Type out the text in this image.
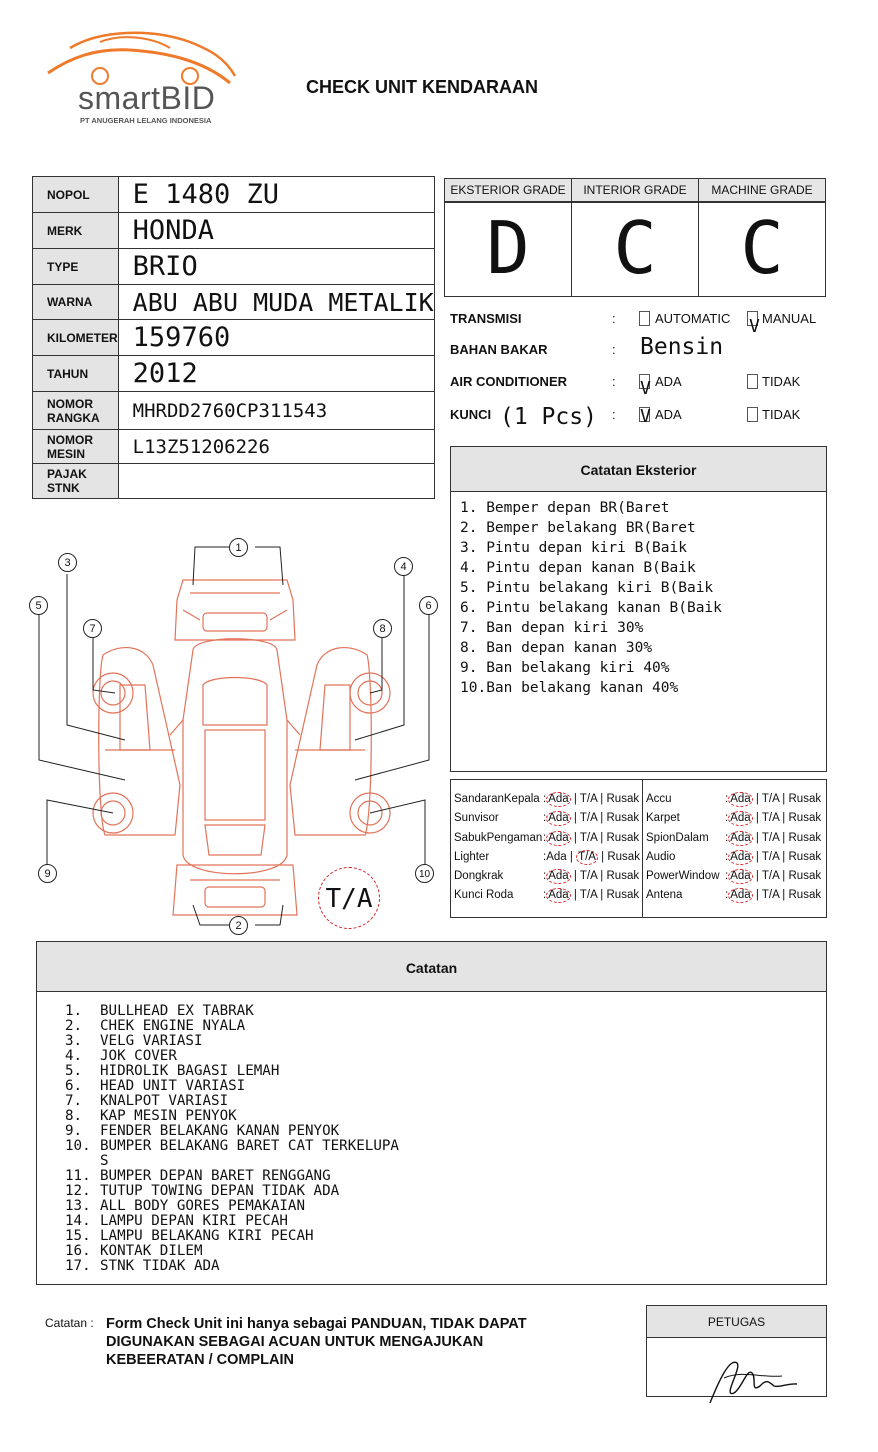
smartBID
PT ANUGERAH LELANG INDONESIA
CHECK UNIT KENDARAAN
NOPOL	E 1480 ZU
MERK	HONDA
TYPE	BRIO
WARNA	ABU ABU MUDA METALIK
KILOMETER	159760
TAHUN	2012
NOMOR RANGKA	MHRDD2760CP311543
NOMOR MESIN	L13Z51206226
PAJAK STNK	
EKSTERIOR GRADE	INTERIOR GRADE	MACHINE GRADE
D	C	C
TRANSMISI	:	AUTOMATIC V MANUAL
BAHAN BAKAR	: Bensin
AIR CONDITIONER	: V ADA	TIDAK
KUNCI (1 Pcs) : V ADA	TIDAK
Catatan Eksterior
1. Bemper depan BR(Baret
2. Bemper belakang BR(Baret
3. Pintu depan kiri B(Baik
4. Pintu depan kanan B(Baik
5. Pintu belakang kiri B(Baik
6. Pintu belakang kanan B(Baik
7. Ban depan kiri 30%
8. Ban depan kanan 30%
9. Ban belakang kiri 40%
10.Ban belakang kanan 40%
SandaranKepala : Ada | T/A | Rusak
Sunvisor	: Ada | T/A | Rusak
SabukPengaman : Ada | T/A | Rusak
Lighter	:Ada | T/A | Rusak
Dongkrak	: Ada | T/A | Rusak
Kunci Roda	: Ada | T/A | Rusak
Accu	: Ada | T/A | Rusak
Karpet	: Ada | T/A | Rusak
SpionDalam : Ada | T/A | Rusak
Audio	: Ada | T/A | Rusak
PowerWindow : Ada | T/A | Rusak
Antena	: Ada | T/A | Rusak
1
2
3	4
5	6
7	8
9	10
T/A
Catatan
1. BULLHEAD EX TABRAK
2. CHEK ENGINE NYALA
3. VELG VARIASI
4. JOK COVER
5. HIDROLIK BAGASI LEMAH
6. HEAD UNIT VARIASI
7. KNALPOT VARIASI
8. KAP MESIN PENYOK
9. FENDER BELAKANG KANAN PENYOK
10. BUMPER BELAKANG BARET CAT TERKELUPA
S
11. BUMPER DEPAN BARET RENGGANG
12. TUTUP TOWING DEPAN TIDAK ADA
13. ALL BODY GORES PEMAKAIAN
14. LAMPU DEPAN KIRI PECAH
15. LAMPU BELAKANG KIRI PECAH
16. KONTAK DILEM
17. STNK TIDAK ADA
Catatan : Form Check Unit ini hanya sebagai PANDUAN, TIDAK DAPAT DIGUNAKAN SEBAGAI ACUAN UNTUK MENGAJUKAN KEBEERATAN / COMPLAIN
PETUGAS
